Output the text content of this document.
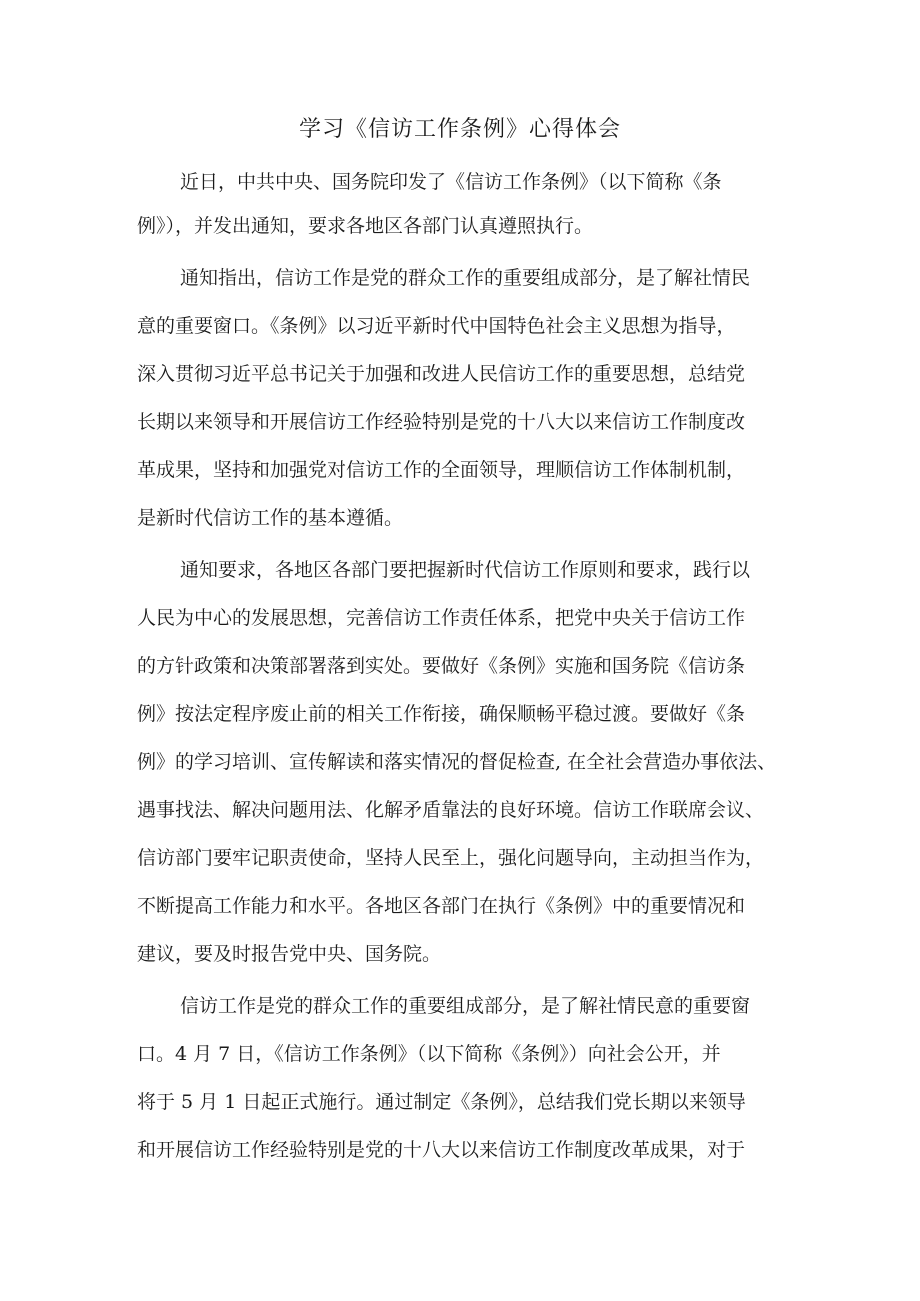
学习《信访工作条例》心得体会

近日，中共中央、国务院印发了《信访工作条例》（以下简称《条

例》），并发出通知，要求各地区各部门认真遵照执行。

通知指出，信访工作是党的群众工作的重要组成部分，是了解社情民

意的重要窗口。《条例》以习近平新时代中国特色社会主义思想为指导，

深入贯彻习近平总书记关于加强和改进人民信访工作的重要思想，总结党

长期以来领导和开展信访工作经验特别是党的十八大以来信访工作制度改

革成果，坚持和加强党对信访工作的全面领导，理顺信访工作体制机制，

是新时代信访工作的基本遵循。

通知要求，各地区各部门要把握新时代信访工作原则和要求，践行以

人民为中心的发展思想，完善信访工作责任体系，把党中央关于信访工作

的方针政策和决策部署落到实处。要做好《条例》实施和国务院《信访条

例》按法定程序废止前的相关工作衔接，确保顺畅平稳过渡。要做好《条

例》的学习培训、宣传解读和落实情况的督促检查, 在全社会营造办事依法、

遇事找法、解决问题用法、化解矛盾靠法的良好环境。信访工作联席会议、

信访部门要牢记职责使命，坚持人民至上，强化问题导向，主动担当作为，

不断提高工作能力和水平。各地区各部门在执行《条例》中的重要情况和

建议，要及时报告党中央、国务院。

信访工作是党的群众工作的重要组成部分，是了解社情民意的重要窗

口。4 月 7 日，《信访工作条例》（以下简称《条例》）向社会公开，并

将于 5 月 1 日起正式施行。通过制定《条例》，总结我们党长期以来领导

和开展信访工作经验特别是党的十八大以来信访工作制度改革成果，对于
